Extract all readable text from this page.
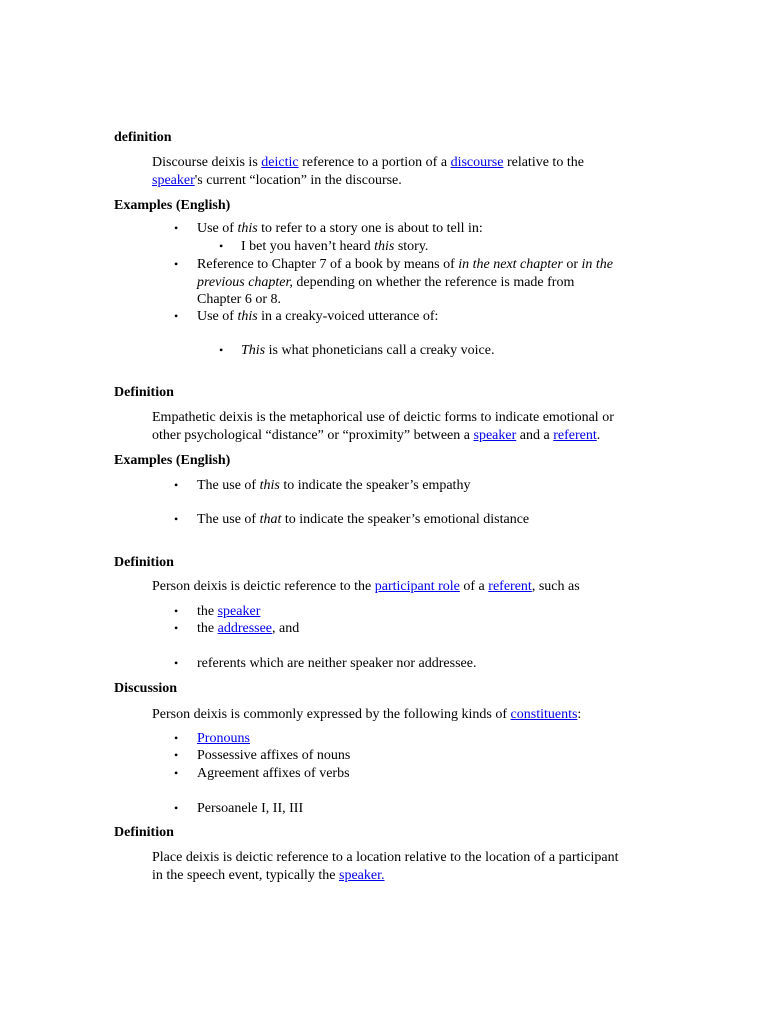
definition
Discourse deixis is deictic reference to a portion of a discourse relative to the
speaker's current “location” in the discourse.
Examples (English)
• Use of this to refer to a story one is about to tell in:
• I bet you haven’t heard this story.
• Reference to Chapter 7 of a book by means of in the next chapter or in the
previous chapter, depending on whether the reference is made from
Chapter 6 or 8.
• Use of this in a creaky-voiced utterance of:
• This is what phoneticians call a creaky voice.
Definition
Empathetic deixis is the metaphorical use of deictic forms to indicate emotional or
other psychological “distance” or “proximity” between a speaker and a referent.
Examples (English)
• The use of this to indicate the speaker’s empathy
• The use of that to indicate the speaker’s emotional distance
Definition
Person deixis is deictic reference to the participant role of a referent, such as
• the speaker
• the addressee, and
• referents which are neither speaker nor addressee.
Discussion
Person deixis is commonly expressed by the following kinds of constituents:
• Pronouns
• Possessive affixes of nouns
• Agreement affixes of verbs
• Persoanele I, II, III
Definition
Place deixis is deictic reference to a location relative to the location of a participant
in the speech event, typically the speaker.
